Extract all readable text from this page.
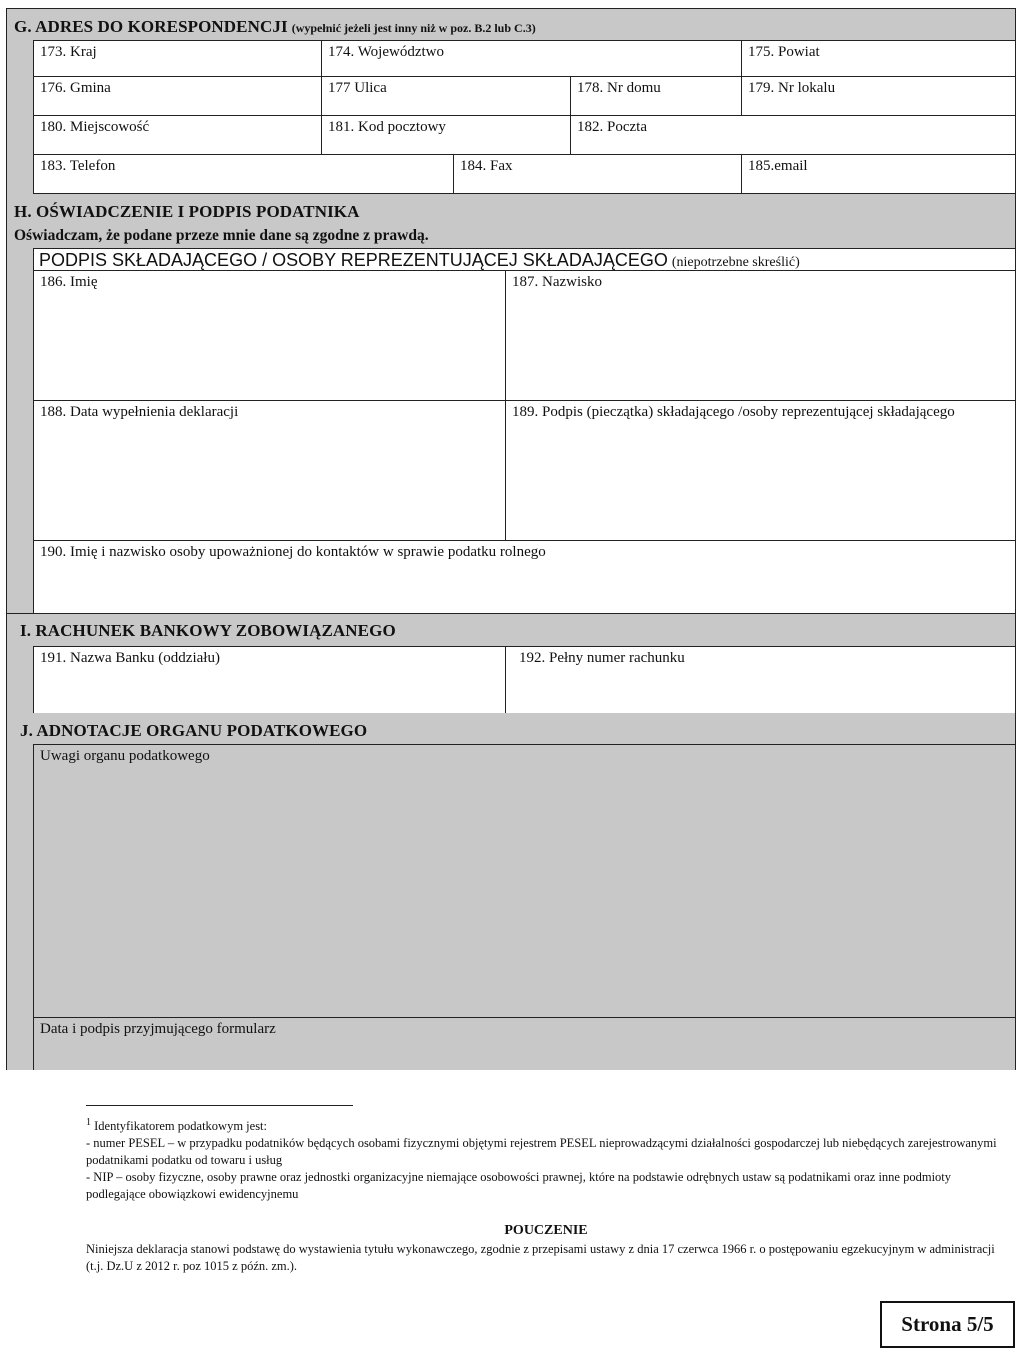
G. ADRES DO KORESPONDENCJI (wypełnić jeżeli jest inny niż w poz. B.2 lub C.3)
173. Kraj	174. Województwo	175. Powiat
176. Gmina	177 Ulica	178. Nr domu	179. Nr lokalu
180. Miejscowość	181. Kod pocztowy	182. Poczta
183. Telefon	184. Fax	185.email
H. OŚWIADCZENIE I PODPIS PODATNIKA
Oświadczam, że podane przeze mnie dane są zgodne z prawdą.
PODPIS SKŁADAJĄCEGO / OSOBY REPREZENTUJĄCEJ SKŁADAJĄCEGO (niepotrzebne skreślić)
186. Imię	187. Nazwisko
188. Data wypełnienia deklaracji	189. Podpis (pieczątka) składającego /osoby reprezentującej składającego
190. Imię i nazwisko osoby upoważnionej do kontaktów w sprawie podatku rolnego
I. RACHUNEK BANKOWY ZOBOWIĄZANEGO
191. Nazwa Banku (oddziału)	192. Pełny numer rachunku
J. ADNOTACJE ORGANU PODATKOWEGO
Uwagi organu podatkowego
Data i podpis przyjmującego formularz
$^1$ Identyfikatorem podatkowym jest:
- numer PESEL – w przypadku podatników będących osobami fizycznymi objętymi rejestrem PESEL nieprowadzącymi działalności gospodarczej lub niebędących zarejestrowanymi podatnikami podatku od towaru i usług
- NIP – osoby fizyczne, osoby prawne oraz jednostki organizacyjne niemające osobowości prawnej, które na podstawie odrębnych ustaw są podatnikami oraz inne podmioty podlegające obowiązkowi ewidencyjnemu
POUCZENIE
Niniejsza deklaracja stanowi podstawę do wystawienia tytułu wykonawczego, zgodnie z przepisami ustawy z dnia 17 czerwca 1966 r. o postępowaniu egzekucyjnym w administracji (t.j. Dz.U z 2012 r. poz 1015 z późn. zm.).
Strona 5/5
